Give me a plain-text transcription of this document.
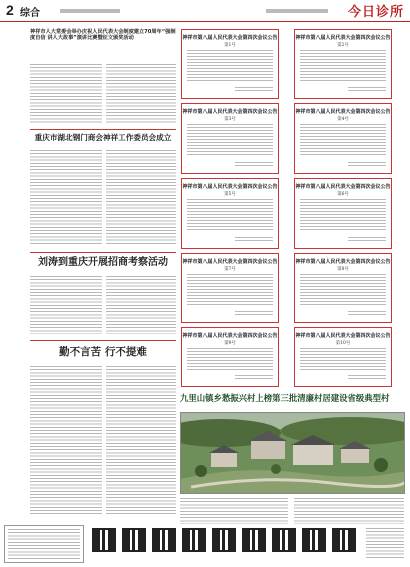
2 综合	今日诊所
神祥市人大常委会举办庆祝人民代表大会制度建立70周年“强制度自信 讲人大故事”演讲比赛暨征文颁奖活动
重庆市湖北钢门商会神祥工作委员会成立
刘涛到重庆开展招商考察活动
勤不言苦 行不提难
神祥市第八届人民代表大会第四次会议公告
第1号
神祥市第八届人民代表大会第四次会议公告
第2号
神祥市第八届人民代表大会第四次会议公告
第3号
神祥市第八届人民代表大会第四次会议公告
第4号
神祥市第八届人民代表大会第四次会议公告
第5号
神祥市第八届人民代表大会第四次会议公告
第6号
神祥市第八届人民代表大会第四次会议公告
第7号
神祥市第八届人民代表大会第四次会议公告
第8号
神祥市第八届人民代表大会第四次会议公告
第9号
神祥市第八届人民代表大会第四次会议公告
第10号
九里山镇乡愁振兴村上榜第三批清廉村居建设省级典型村
